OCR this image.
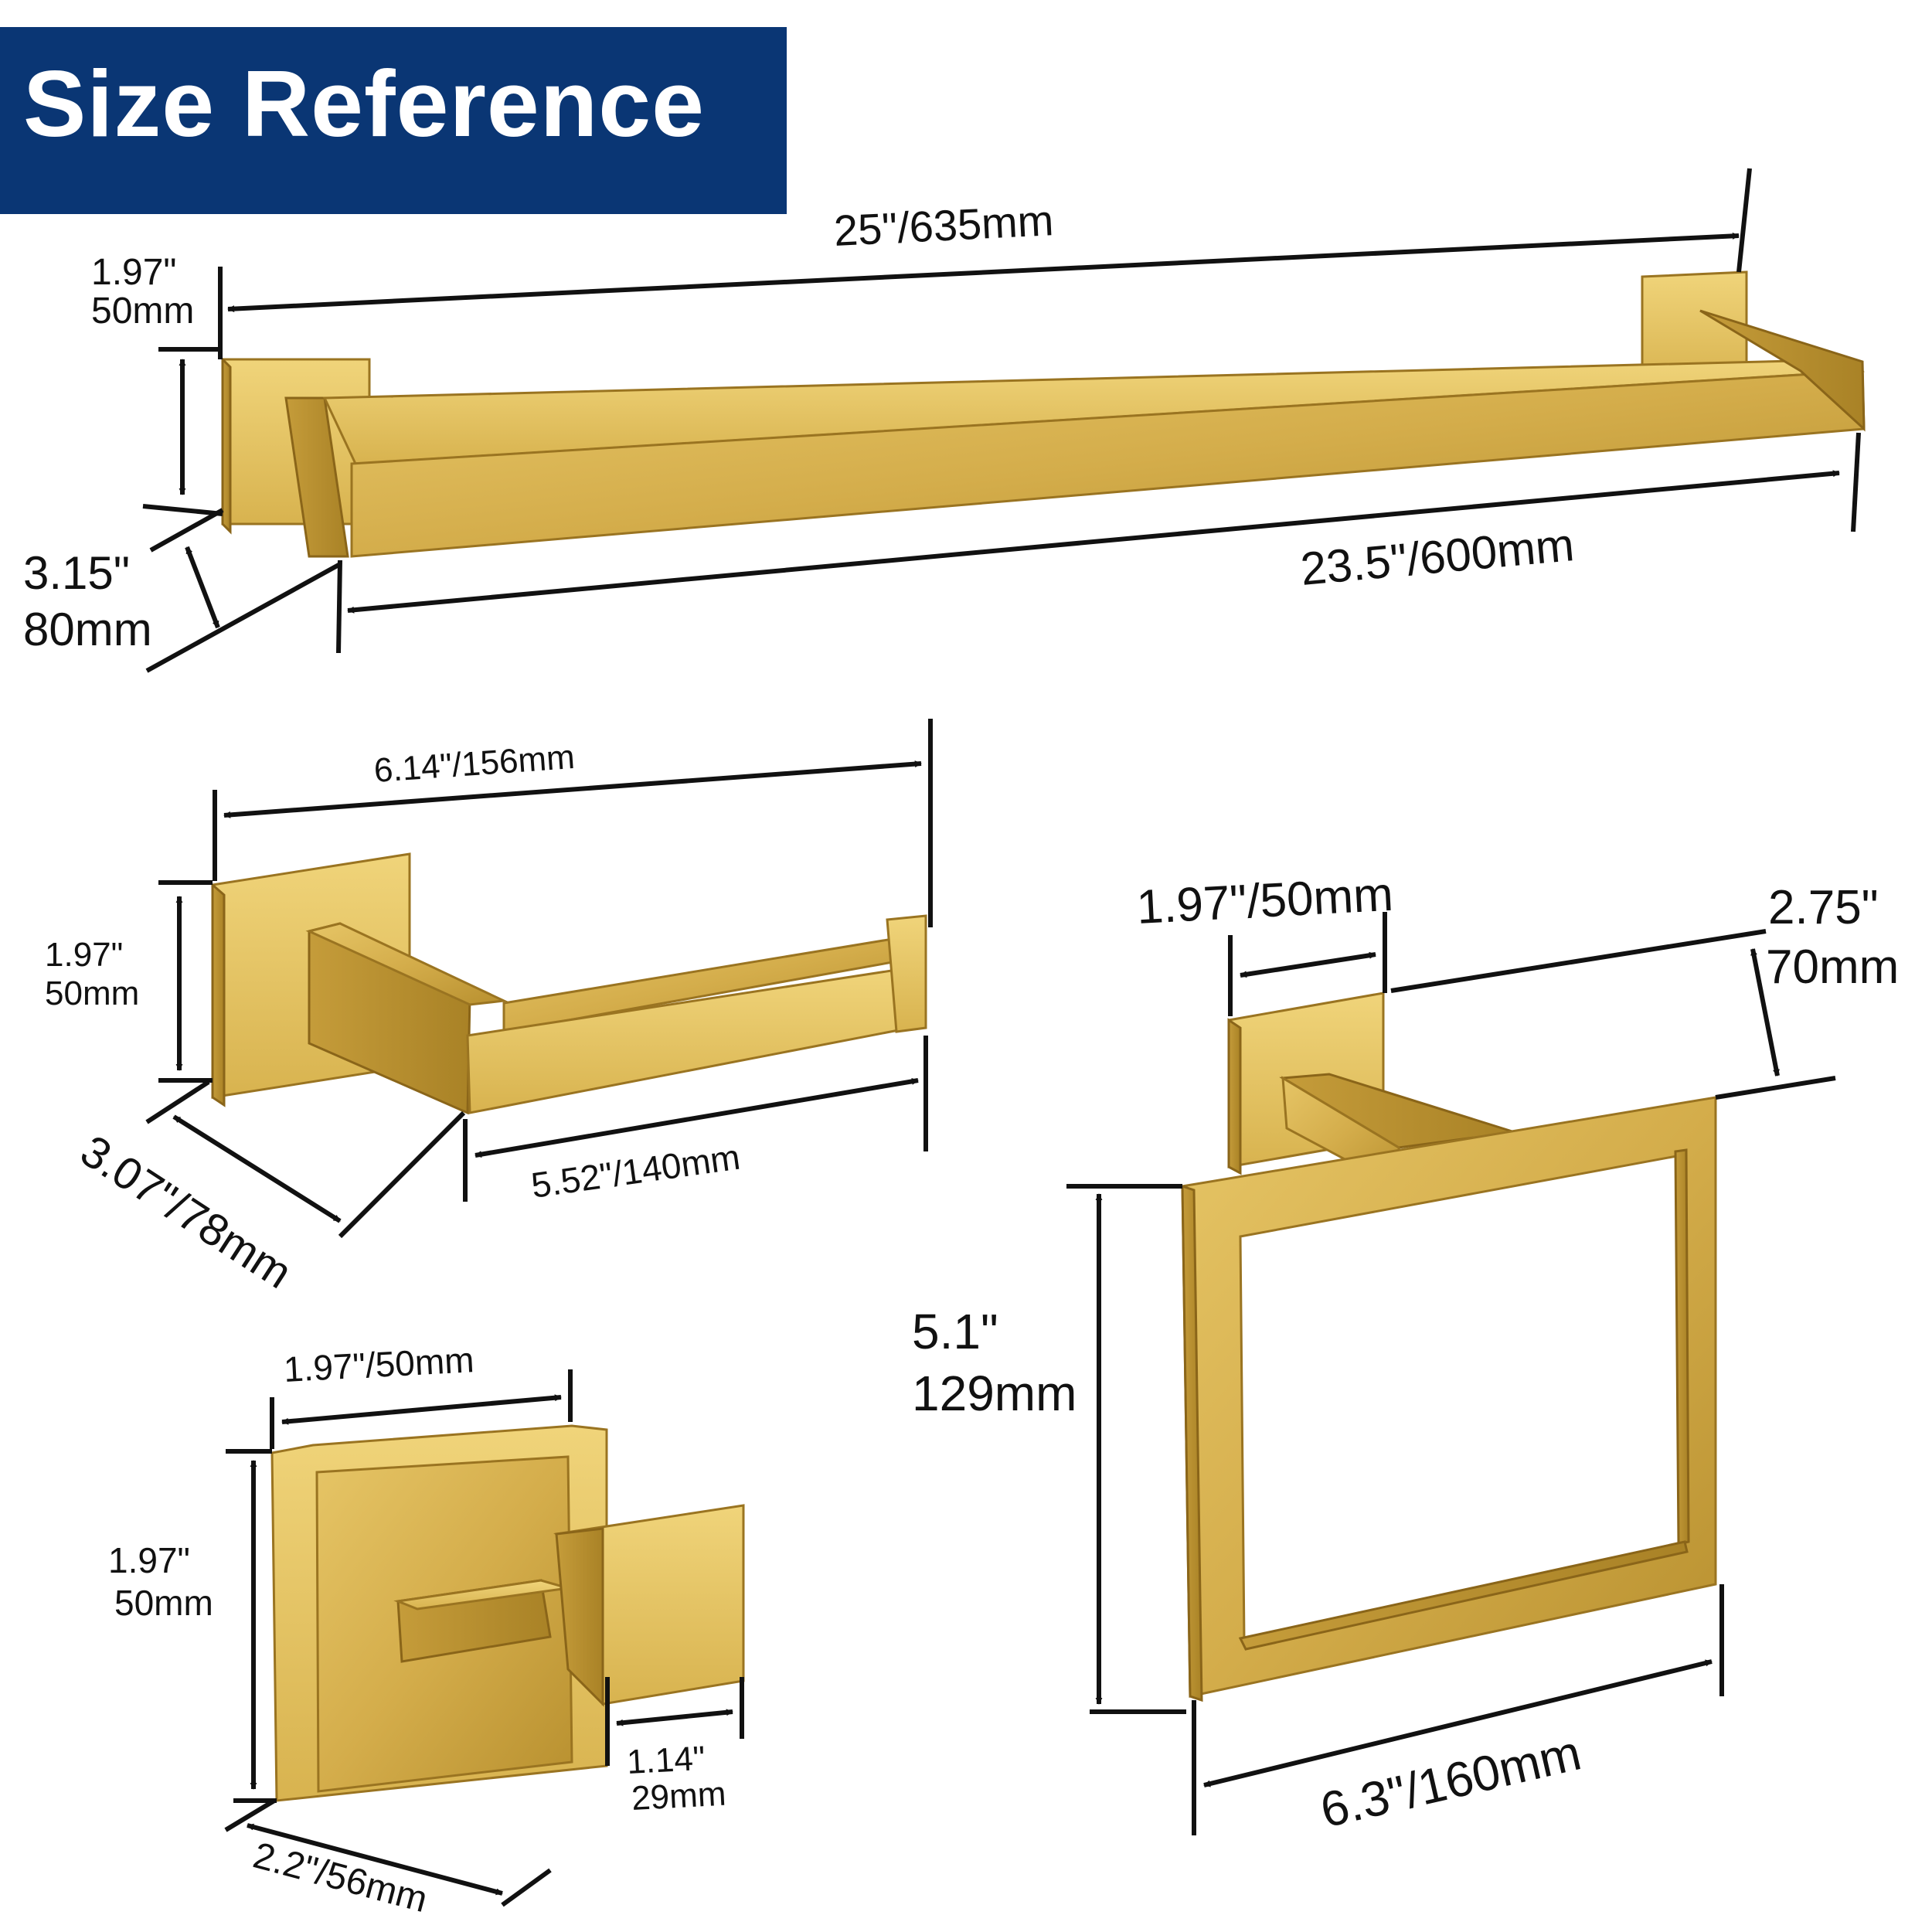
Size Reference
25"/635mm
1.97"
50mm
3.15"
80mm
23.5"/600mm
6.14"/156mm
1.97"
50mm
3.07"/78mm	5.52"/140mm
1.97"/50mm	2.75"
70mm
5.1"
129mm
6.3"/160mm
1.97"/50mm
1.97"
50mm
1.14"
29mm
2.2"/56mm
